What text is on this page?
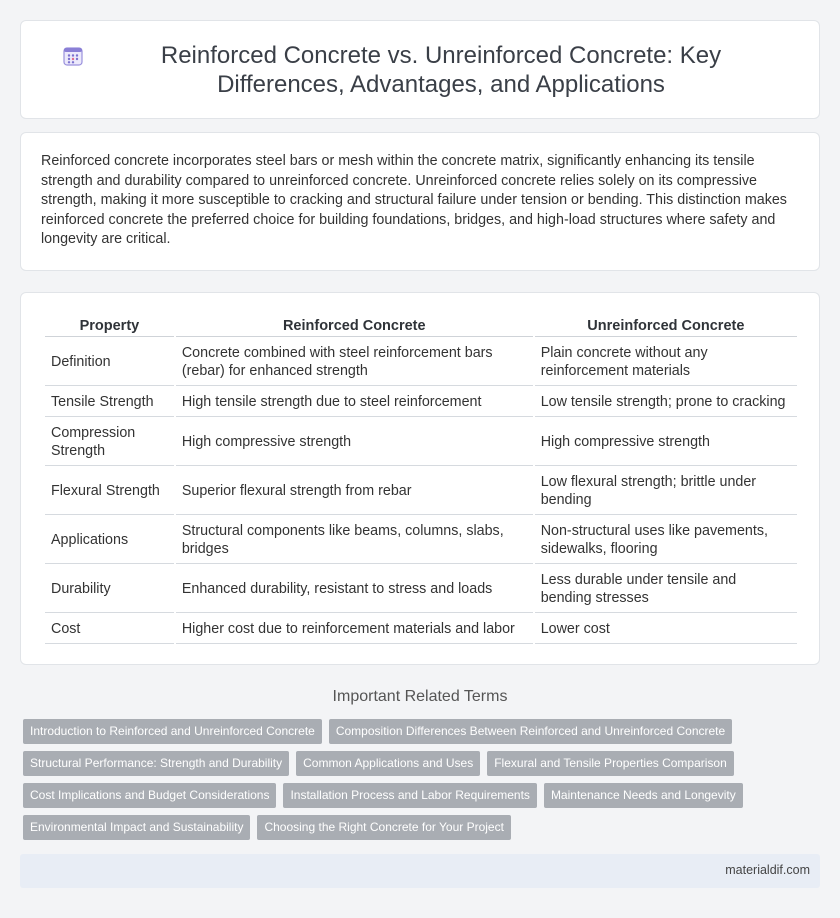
Reinforced Concrete vs. Unreinforced Concrete: Key Differences, Advantages, and Applications

Reinforced concrete incorporates steel bars or mesh within the concrete matrix, significantly enhancing its tensile strength and durability compared to unreinforced concrete. Unreinforced concrete relies solely on its compressive strength, making it more susceptible to cracking and structural failure under tension or bending. This distinction makes reinforced concrete the preferred choice for building foundations, bridges, and high-load structures where safety and longevity are critical.

Property	Reinforced Concrete	Unreinforced Concrete
Definition	Concrete combined with steel reinforcement bars (rebar) for enhanced strength	Plain concrete without any reinforcement materials
Tensile Strength	High tensile strength due to steel reinforcement	Low tensile strength; prone to cracking
Compression Strength	High compressive strength	High compressive strength
Flexural Strength	Superior flexural strength from rebar	Low flexural strength; brittle under bending
Applications	Structural components like beams, columns, slabs, bridges	Non-structural uses like pavements, sidewalks, flooring
Durability	Enhanced durability, resistant to stress and loads	Less durable under tensile and bending stresses
Cost	Higher cost due to reinforcement materials and labor	Lower cost
Important Related Terms
Introduction to Reinforced and Unreinforced Concrete	Composition Differences Between Reinforced and Unreinforced Concrete
Structural Performance: Strength and Durability	Common Applications and Uses	Flexural and Tensile Properties Comparison
Cost Implications and Budget Considerations	Installation Process and Labor Requirements	Maintenance Needs and Longevity
Environmental Impact and Sustainability	Choosing the Right Concrete for Your Project
materialdif.com
